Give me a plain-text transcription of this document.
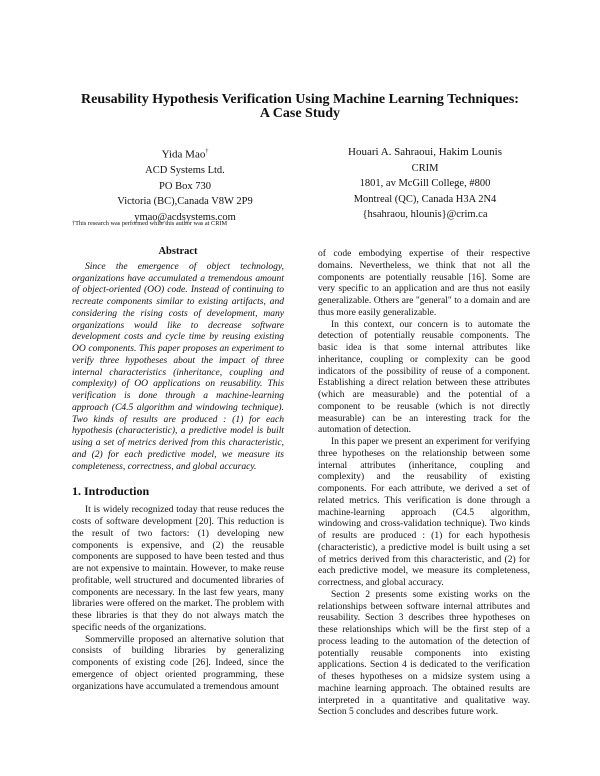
Reusability Hypothesis Verification Using Machine Learning Techniques:
A Case Study
Yida Mao†
ACD Systems Ltd.
PO Box 730
Victoria (BC),Canada V8W 2P9
ymao@acdsystems.com
Houari A. Sahraoui, Hakim Lounis
CRIM
1801, av McGill College, #800
Montreal (QC), Canada H3A 2N4
{hsahraou, hlounis}@crim.ca
†This research was performed while this author was at CRIM
Abstract

Since the emergence of object technology, organizations have accumulated a tremendous amount of object-oriented (OO) code. Instead of continuing to recreate components similar to existing artifacts, and considering the rising costs of development, many organizations would like to decrease software development costs and cycle time by reusing existing OO components. This paper proposes an experiment to verify three hypotheses about the impact of three internal characteristics (inheritance, coupling and complexity) of OO applications on reusability. This verification is done through a machine-learning approach (C4.5 algorithm and windowing technique). Two kinds of results are produced : (1) for each hypothesis (characteristic), a predictive model is built using a set of metrics derived from this characteristic, and (2) for each predictive model, we measure its completeness, correctness, and global accuracy.

1. Introduction

It is widely recognized today that reuse reduces the costs of software development [20]. This reduction is the result of two factors: (1) developing new components is expensive, and (2) the reusable components are supposed to have been tested and thus are not expensive to maintain. However, to make reuse profitable, well structured and documented libraries of components are necessary. In the last few years, many libraries were offered on the market. The problem with these libraries is that they do not always match the specific needs of the organizations.

Sommerville proposed an alternative solution that consists of building libraries by generalizing components of existing code [26]. Indeed, since the emergence of object oriented programming, these organizations have accumulated a tremendous amount

of code embodying expertise of their respective domains. Nevertheless, we think that not all the components are potentially reusable [16]. Some are very specific to an application and are thus not easily generalizable. Others are "general" to a domain and are thus more easily generalizable.

In this context, our concern is to automate the detection of potentially reusable components. The basic idea is that some internal attributes like inheritance, coupling or complexity can be good indicators of the possibility of reuse of a component. Establishing a direct relation between these attributes (which are measurable) and the potential of a component to be reusable (which is not directly measurable) can be an interesting track for the automation of detection.

In this paper we present an experiment for verifying three hypotheses on the relationship between some internal attributes (inheritance, coupling and complexity) and the reusability of existing components. For each attribute, we derived a set of related metrics. This verification is done through a machine-learning approach (C4.5 algorithm, windowing and cross-validation technique). Two kinds of results are produced : (1) for each hypothesis (characteristic), a predictive model is built using a set of metrics derived from this characteristic, and (2) for each predictive model, we measure its completeness, correctness, and global accuracy.

Section 2 presents some existing works on the relationships between software internal attributes and reusability. Section 3 describes three hypotheses on these relationships which will be the first step of a process leading to the automation of the detection of potentially reusable components into existing applications. Section 4 is dedicated to the verification of theses hypotheses on a midsize system using a machine learning approach. The obtained results are interpreted in a quantitative and qualitative way. Section 5 concludes and describes future work.
